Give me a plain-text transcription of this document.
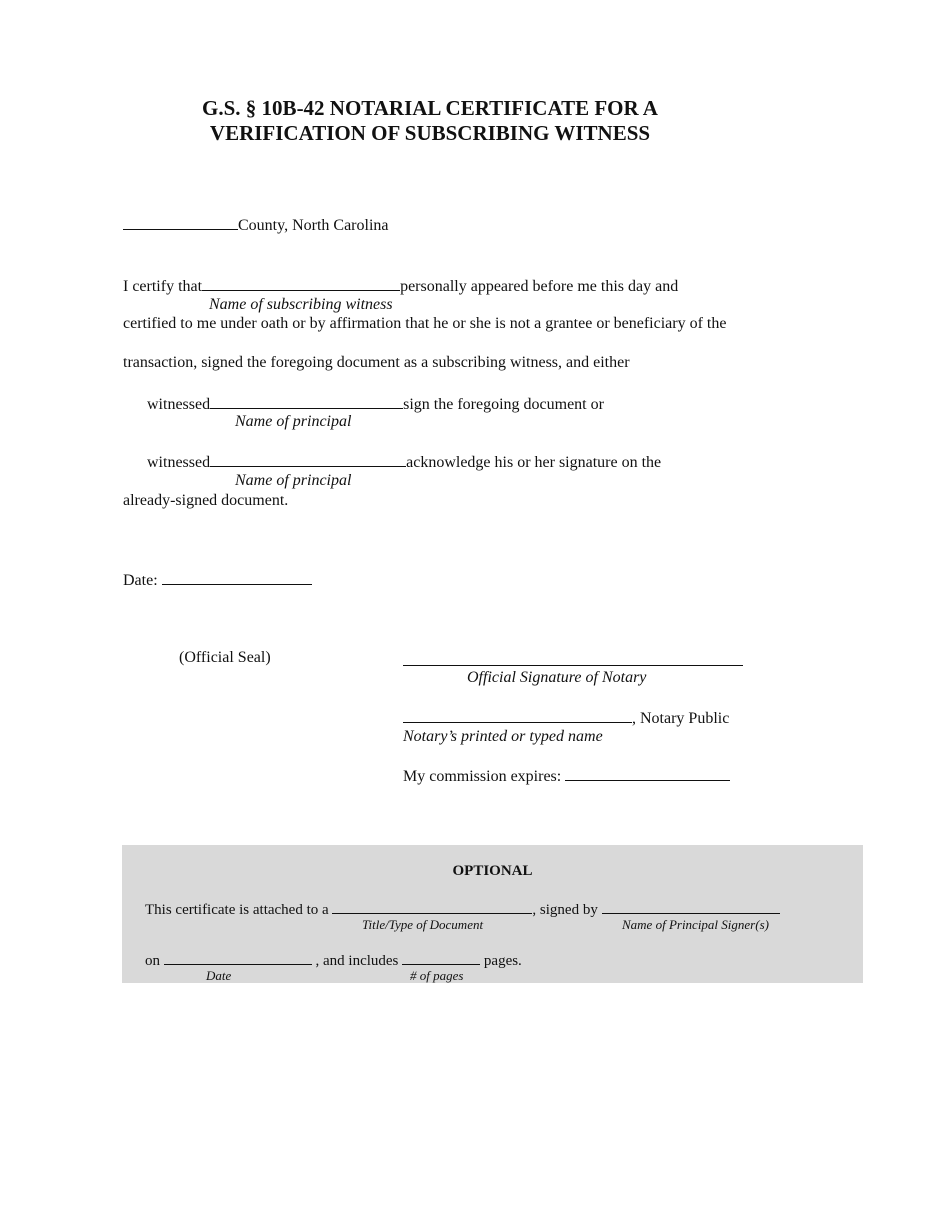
G.S. § 10B-42 NOTARIAL CERTIFICATE FOR A
VERIFICATION OF SUBSCRIBING WITNESS
County, North Carolina
I certify that	personally appeared before me this day and
Name of subscribing witness
certified to me under oath or by affirmation that he or she is not a grantee or beneficiary of the
transaction, signed the foregoing document as a subscribing witness, and either
witnessed	sign the foregoing document or
Name of principal
witnessed	acknowledge his or her signature on the
Name of principal
already-signed document.
Date:
(Official Seal)
Official Signature of Notary
, Notary Public
Notary’s printed or typed name
My commission expires:
OPTIONAL
This certificate is attached to a	, signed by
Title/Type of Document	Name of Principal Signer(s)
on	, and includes	pages.
Date	# of pages
